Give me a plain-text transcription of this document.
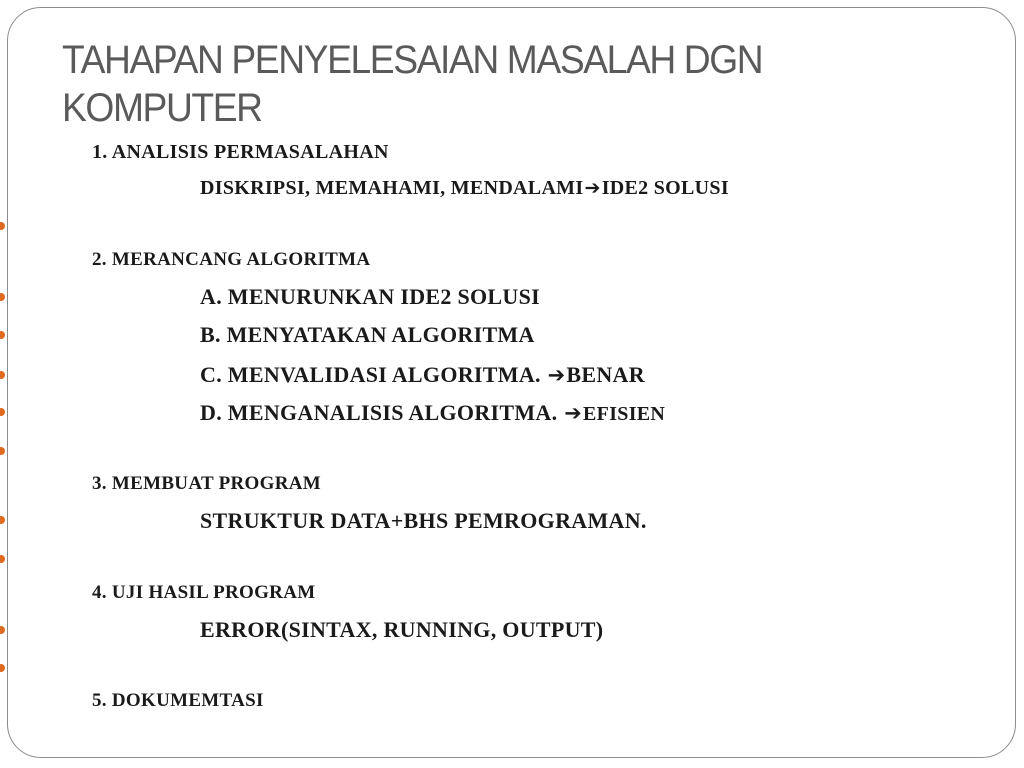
TAHAPAN PENYELESAIAN MASALAH DGN
KOMPUTER

1. ANALISIS PERMASALAHAN

DISKRIPSI, MEMAHAMI, MENDALAMI➔IDE2 SOLUSI

2. MERANCANG ALGORITMA

A. MENURUNKAN IDE2 SOLUSI

B. MENYATAKAN ALGORITMA

C. MENVALIDASI ALGORITMA. ➔BENAR

D. MENGANALISIS ALGORITMA. ➔EFISIEN

3. MEMBUAT PROGRAM

STRUKTUR DATA+BHS PEMROGRAMAN.

4. UJI HASIL PROGRAM

ERROR(SINTAX, RUNNING, OUTPUT)

5. DOKUMEMTASI
